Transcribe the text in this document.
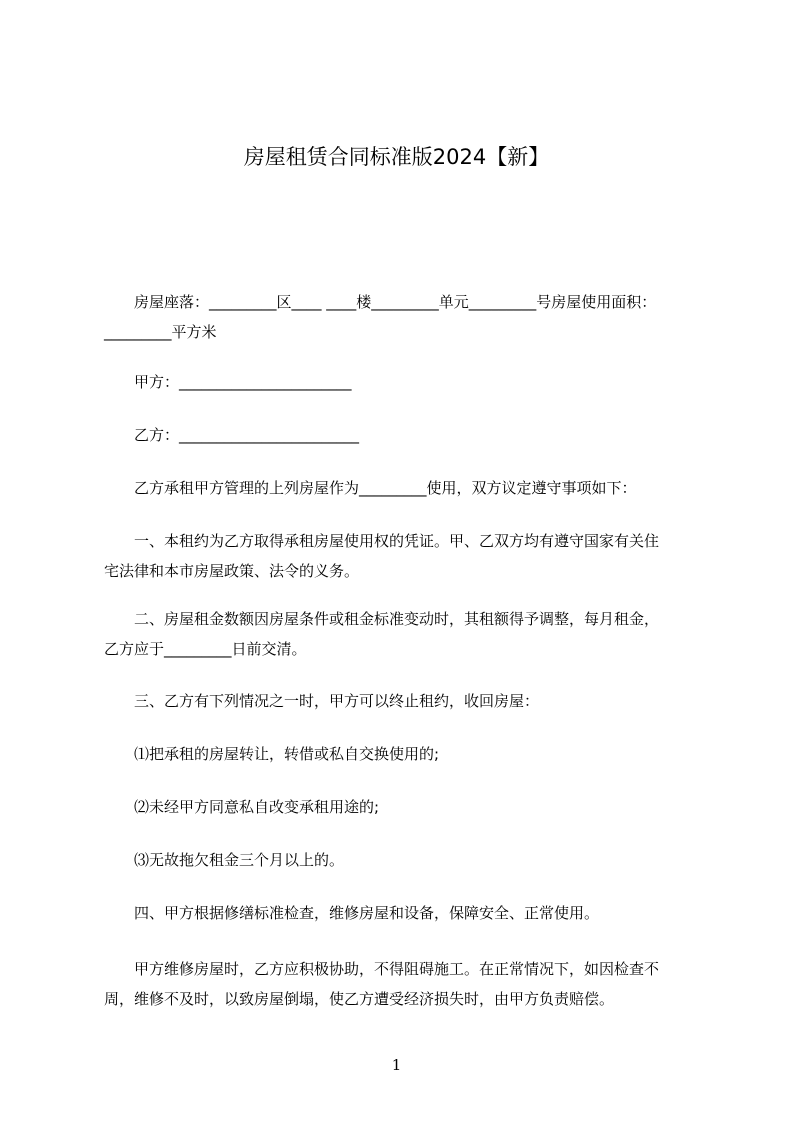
房屋租赁合同标准版2024【新】

　　房屋座落：_________区____ ____楼_________单元_________号房屋使用面积：
_________平方米

　　甲方：_______________________

　　乙方：________________________

　　乙方承租甲方管理的上列房屋作为_________使用，双方议定遵守事项如下：

　　一、本租约为乙方取得承租房屋使用权的凭证。甲、乙双方均有遵守国家有关住
宅法律和本市房屋政策、法令的义务。

　　二、房屋租金数额因房屋条件或租金标准变动时，其租额得予调整，每月租金，
乙方应于_________日前交清。

　　三、乙方有下列情况之一时，甲方可以终止租约，收回房屋：

　　⑴把承租的房屋转让，转借或私自交换使用的;

　　⑵未经甲方同意私自改变承租用途的;

　　⑶无故拖欠租金三个月以上的。

　　四、甲方根据修缮标准检查，维修房屋和设备，保障安全、正常使用。

　　甲方维修房屋时，乙方应积极协助，不得阻碍施工。在正常情况下，如因检查不
周，维修不及时，以致房屋倒塌，使乙方遭受经济损失时，由甲方负责赔偿。

1
